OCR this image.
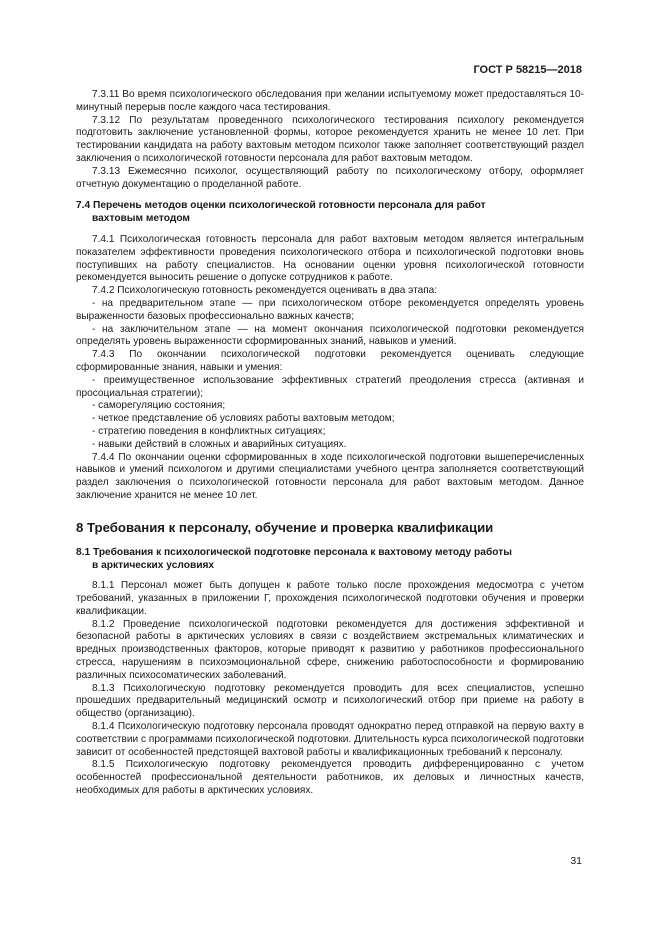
ГОСТ Р 58215—2018
7.3.11 Во время психологического обследования при желании испытуемому может предоставляться 10-минутный перерыв после каждого часа тестирования.
7.3.12 По результатам проведенного психологического тестирования психологу рекомендуется подготовить заключение установленной формы, которое рекомендуется хранить не менее 10 лет. При тестировании кандидата на работу вахтовым методом психолог также заполняет соответствующий раздел заключения о психологической готовности персонала для работ вахтовым методом.
7.3.13 Ежемесячно психолог, осуществляющий работу по психологическому отбору, оформляет отчетную документацию о проделанной работе.
7.4 Перечень методов оценки психологической готовности персонала для работ
вахтовым методом
7.4.1 Психологическая готовность персонала для работ вахтовым методом является интегральным показателем эффективности проведения психологического отбора и психологической подготовки вновь поступивших на работу специалистов. На основании оценки уровня психологической готовности рекомендуется выносить решение о допуске сотрудников к работе.
7.4.2 Психологическую готовность рекомендуется оценивать в два этапа:
- на предварительном этапе — при психологическом отборе рекомендуется определять уровень выраженности базовых профессионально важных качеств;
- на заключительном этапе — на момент окончания психологической подготовки рекомендуется определять уровень выраженности сформированных знаний, навыков и умений.
7.4.3 По окончании психологической подготовки рекомендуется оценивать следующие сформированные знания, навыки и умения:
- преимущественное использование эффективных стратегий преодоления стресса (активная и просоциальная стратегии);
- саморегуляцию состояния;
- четкое представление об условиях работы вахтовым методом;
- стратегию поведения в конфликтных ситуациях;
- навыки действий в сложных и аварийных ситуациях.
7.4.4 По окончании оценки сформированных в ходе психологической подготовки вышеперечисленных навыков и умений психологом и другими специалистами учебного центра заполняется соответствующий раздел заключения о психологической готовности персонала для работ вахтовым методом. Данное заключение хранится не менее 10 лет.
8 Требования к персоналу, обучение и проверка квалификации
8.1 Требования к психологической подготовке персонала к вахтовому методу работы
в арктических условиях
8.1.1 Персонал может быть допущен к работе только после прохождения медосмотра с учетом требований, указанных в приложении Г, прохождения психологической подготовки обучения и проверки квалификации.
8.1.2 Проведение психологической подготовки рекомендуется для достижения эффективной и безопасной работы в арктических условиях в связи с воздействием экстремальных климатических и вредных производственных факторов, которые приводят к развитию у работников профессионального стресса, нарушениям в психоэмоциональной сфере, снижению работоспособности и формированию различных психосоматических заболеваний.
8.1.3 Психологическую подготовку рекомендуется проводить для всех специалистов, успешно прошедших предварительный медицинский осмотр и психологический отбор при приеме на работу в общество (организацию).
8.1.4 Психологическую подготовку персонала проводят однократно перед отправкой на первую вахту в соответствии с программами психологической подготовки. Длительность курса психологической подготовки зависит от особенностей предстоящей вахтовой работы и квалификационных требований к персоналу.
8.1.5 Психологическую подготовку рекомендуется проводить дифференцированно с учетом особенностей профессиональной деятельности работников, их деловых и личностных качеств, необходимых для работы в арктических условиях.
31
